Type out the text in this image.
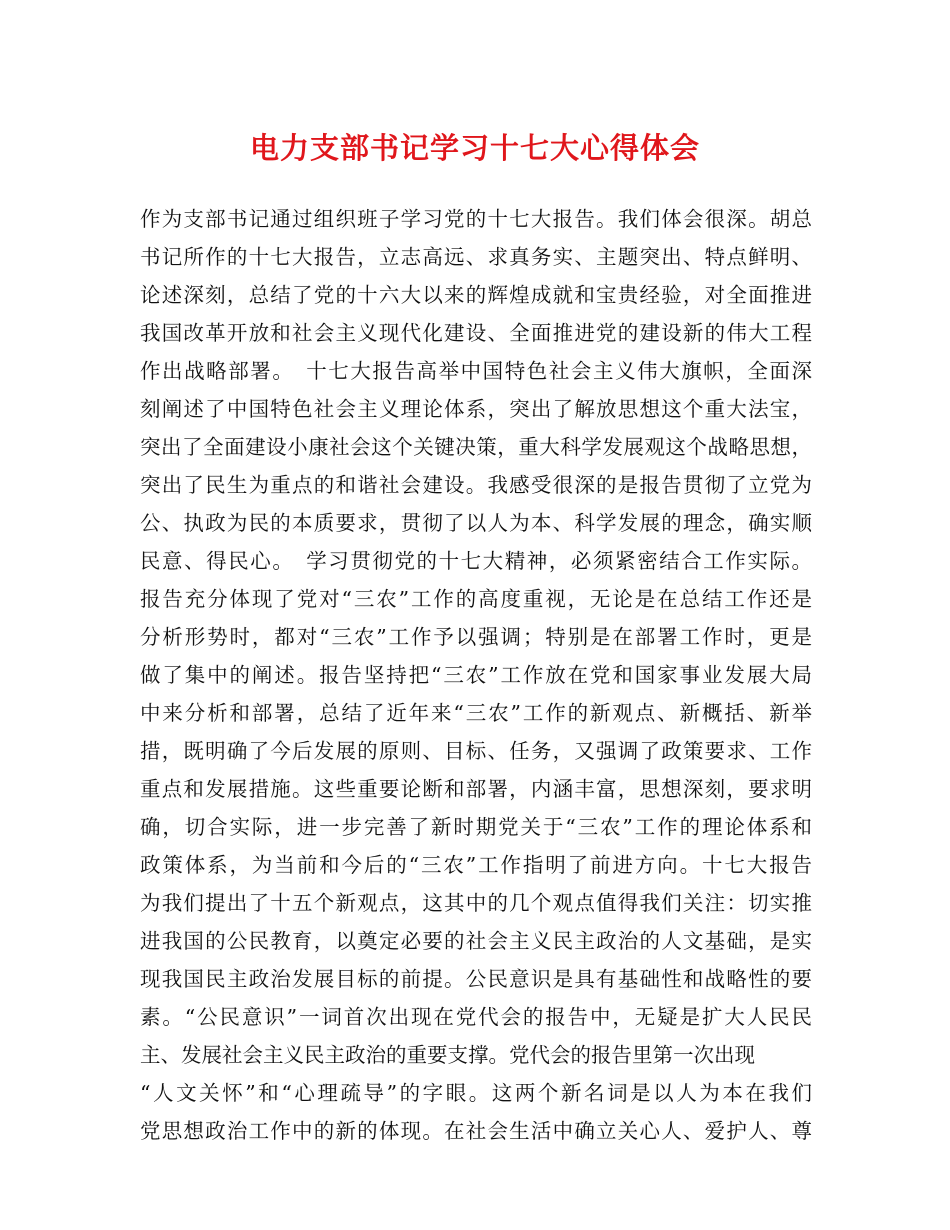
电力支部书记学习十七大心得体会
作为支部书记通过组织班子学习党的十七大报告。我们体会很深。胡总
书记所作的十七大报告，立志高远、求真务实、主题突出、特点鲜明、
论述深刻，总结了党的十六大以来的辉煌成就和宝贵经验，对全面推进
我国改革开放和社会主义现代化建设、全面推进党的建设新的伟大工程
作出战略部署。　十七大报告高举中国特色社会主义伟大旗帜，全面深
刻阐述了中国特色社会主义理论体系，突出了解放思想这个重大法宝，
突出了全面建设小康社会这个关键决策，重大科学发展观这个战略思想，
突出了民生为重点的和谐社会建设。我感受很深的是报告贯彻了立党为
公、执政为民的本质要求，贯彻了以人为本、科学发展的理念，确实顺
民意、得民心。　学习贯彻党的十七大精神，必须紧密结合工作实际。
报告充分体现了党对“三农”工作的高度重视，无论是在总结工作还是
分析形势时，都对“三农”工作予以强调；特别是在部署工作时，更是
做了集中的阐述。报告坚持把“三农”工作放在党和国家事业发展大局
中来分析和部署，总结了近年来“三农”工作的新观点、新概括、新举
措，既明确了今后发展的原则、目标、任务，又强调了政策要求、工作
重点和发展措施。这些重要论断和部署，内涵丰富，思想深刻，要求明
确，切合实际，进一步完善了新时期党关于“三农”工作的理论体系和
政策体系，为当前和今后的“三农”工作指明了前进方向。十七大报告
为我们提出了十五个新观点，这其中的几个观点值得我们关注：切实推
进我国的公民教育，以奠定必要的社会主义民主政治的人文基础，是实
现我国民主政治发展目标的前提。公民意识是具有基础性和战略性的要
素。“公民意识”一词首次出现在党代会的报告中，无疑是扩大人民民
主、发展社会主义民主政治的重要支撑。党代会的报告里第一次出现
“人文关怀”和“心理疏导”的字眼。这两个新名词是以人为本在我们
党思想政治工作中的新的体现。在社会生活中确立关心人、爱护人、尊
